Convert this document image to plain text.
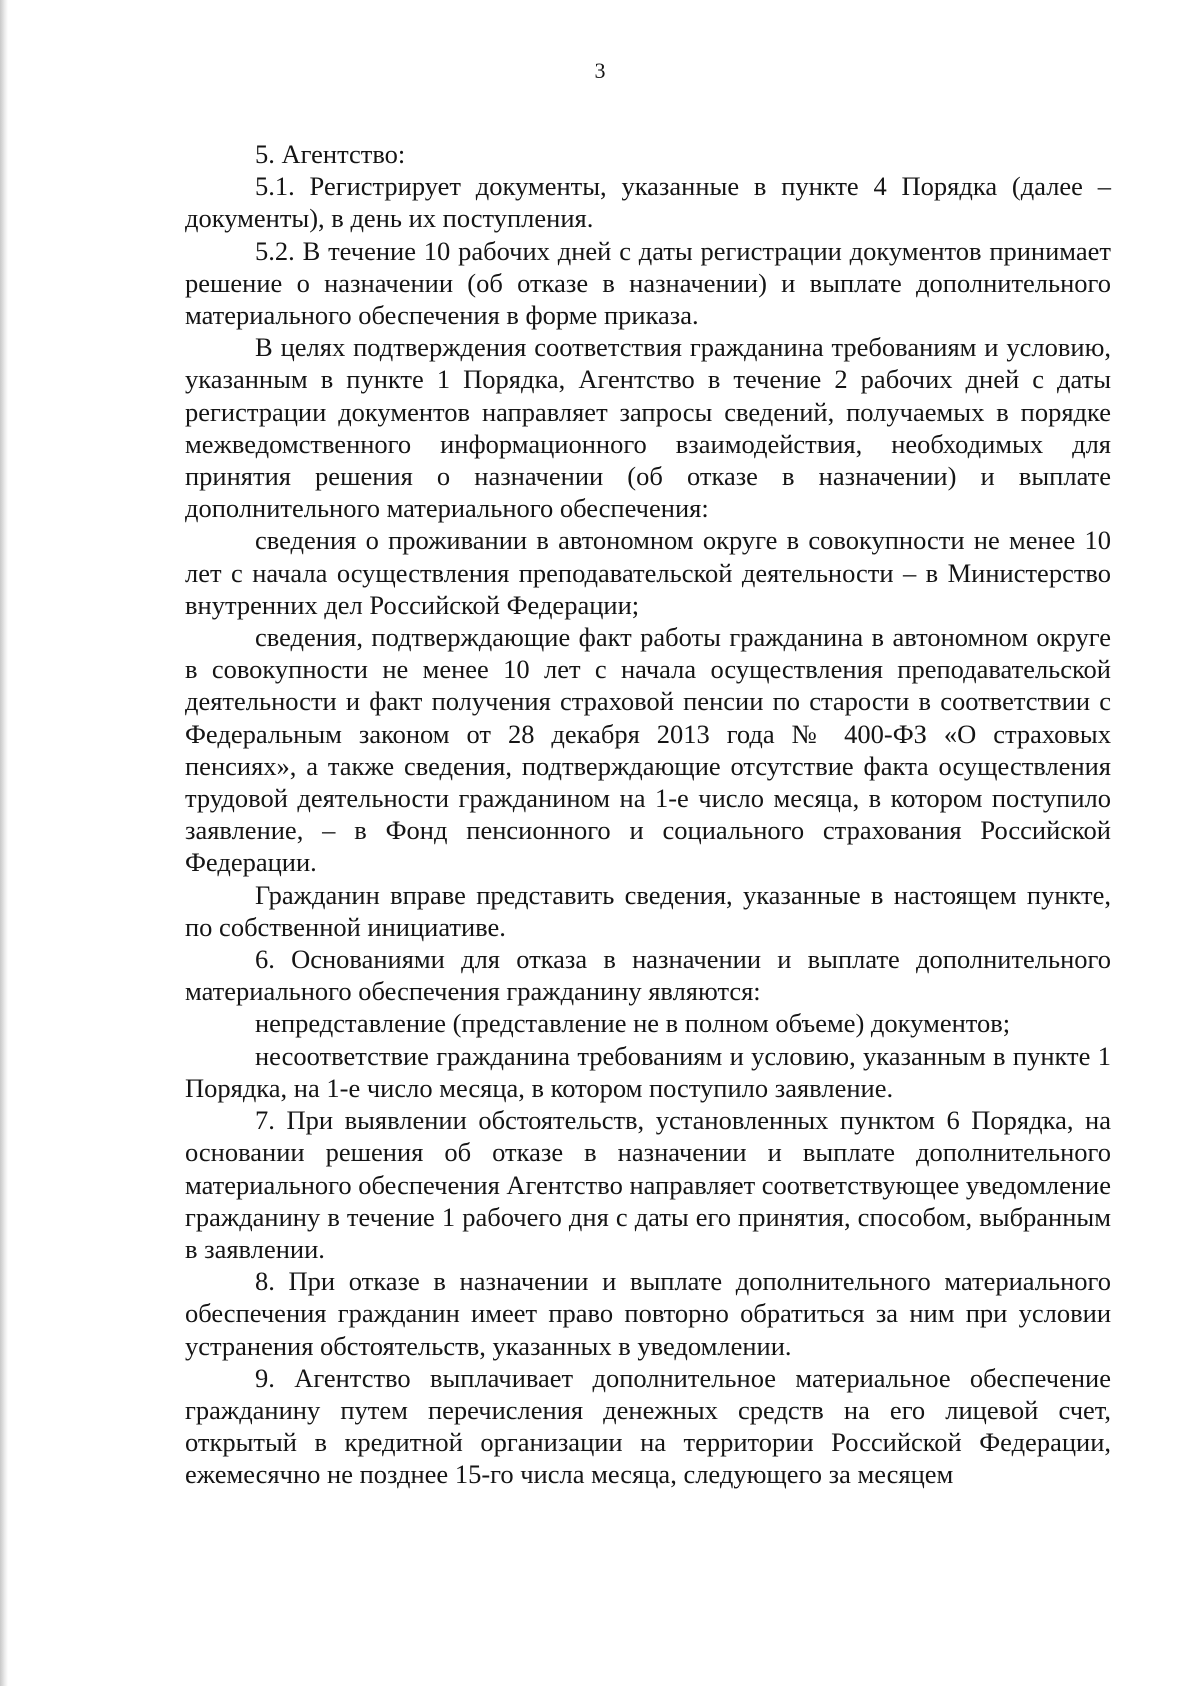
3

5. Агентство:

5.1. Регистрирует документы, указанные в пункте 4 Порядка (далее – документы), в день их поступления.

5.2. В течение 10 рабочих дней с даты регистрации документов принимает решение о назначении (об отказе в назначении) и выплате дополнительного материального обеспечения в форме приказа.

В целях подтверждения соответствия гражданина требованиям и условию, указанным в пункте 1 Порядка, Агентство в течение 2 рабочих дней с даты регистрации документов направляет запросы сведений, получаемых в порядке межведомственного информационного взаимодействия, необходимых для принятия решения о назначении (об отказе в назначении) и выплате дополнительного материального обеспечения:

сведения о проживании в автономном округе в совокупности не менее 10 лет с начала осуществления преподавательской деятельности – в Министерство внутренних дел Российской Федерации;

сведения, подтверждающие факт работы гражданина в автономном округе в совокупности не менее 10 лет с начала осуществления преподавательской деятельности и факт получения страховой пенсии по старости в соответствии с Федеральным законом от 28 декабря 2013 года № 400-ФЗ «О страховых пенсиях», а также сведения, подтверждающие отсутствие факта осуществления трудовой деятельности гражданином на 1-е число месяца, в котором поступило заявление, – в Фонд пенсионного и социального страхования Российской Федерации.

Гражданин вправе представить сведения, указанные в настоящем пункте, по собственной инициативе.

6. Основаниями для отказа в назначении и выплате дополнительного материального обеспечения гражданину являются:

непредставление (представление не в полном объеме) документов;

несоответствие гражданина требованиям и условию, указанным в пункте 1 Порядка, на 1-е число месяца, в котором поступило заявление.

7. При выявлении обстоятельств, установленных пунктом 6 Порядка, на основании решения об отказе в назначении и выплате дополнительного материального обеспечения Агентство направляет соответствующее уведомление гражданину в течение 1 рабочего дня с даты его принятия, способом, выбранным в заявлении.

8. При отказе в назначении и выплате дополнительного материального обеспечения гражданин имеет право повторно обратиться за ним при условии устранения обстоятельств, указанных в уведомлении.

9. Агентство выплачивает дополнительное материальное обеспечение гражданину путем перечисления денежных средств на его лицевой счет, открытый в кредитной организации на территории Российской Федерации, ежемесячно не позднее 15-го числа месяца, следующего за месяцем
